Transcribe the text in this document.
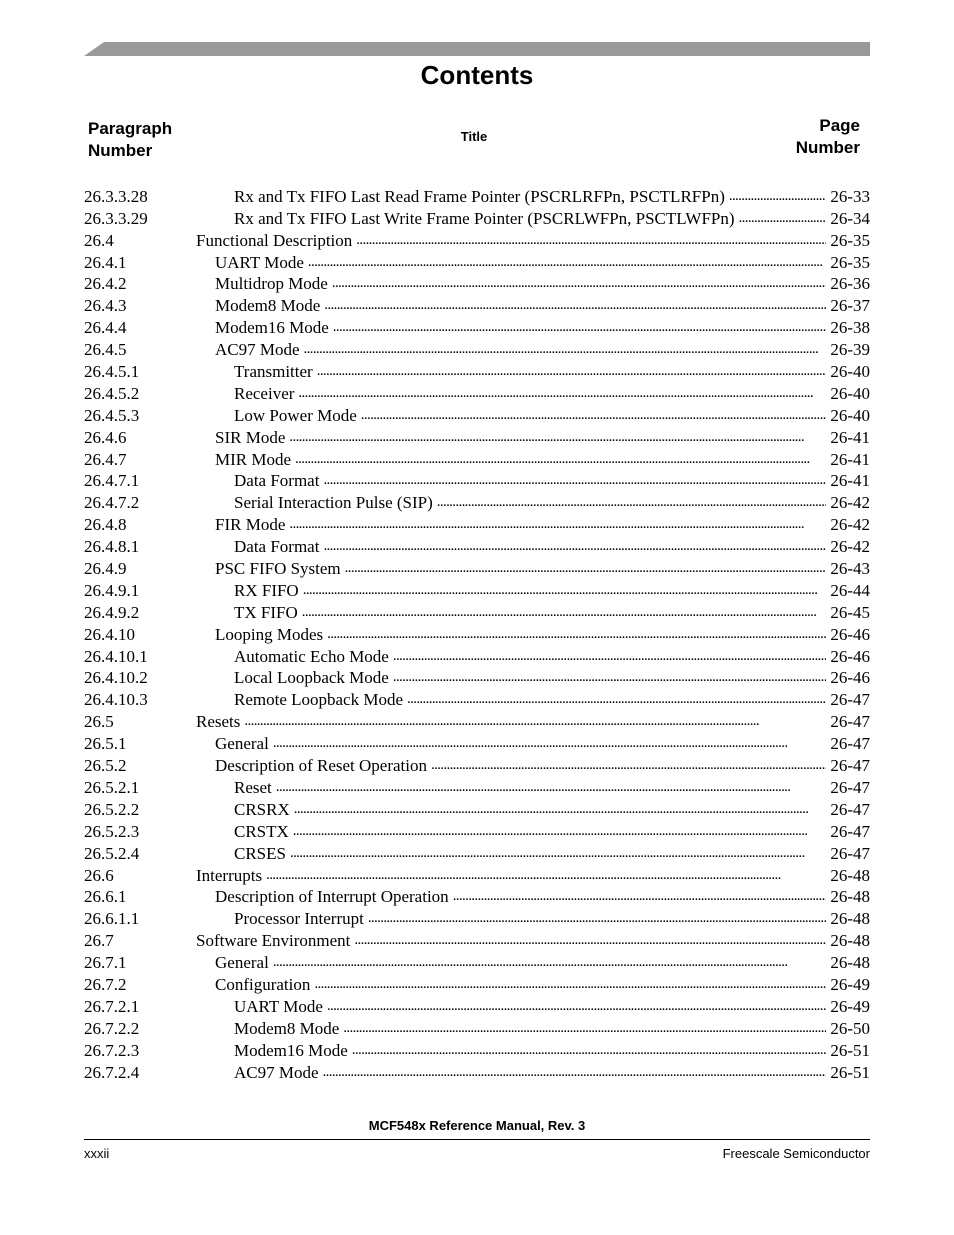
Contents
Paragraph
Number
Title
Page
Number
26.3.3.28	Rx and Tx FIFO Last Read Frame Pointer (PSCRLRFPn, PSCTLRFPn) . . .	26-33
26.3.3.29	Rx and Tx FIFO Last Write Frame Pointer (PSCRLWFPn, PSCTLWFPn) . . .	26-34
26.4	Functional Description . . .	26-35
26.4.1	UART Mode . . .	26-35
26.4.2	Multidrop Mode . . .	26-36
26.4.3	Modem8 Mode . . .	26-37
26.4.4	Modem16 Mode . . .	26-38
26.4.5	AC97 Mode . . .	26-39
26.4.5.1	Transmitter . . .	26-40
26.4.5.2	Receiver . . .	26-40
26.4.5.3	Low Power Mode . . .	26-40
26.4.6	SIR Mode . . .	26-41
26.4.7	MIR Mode . . .	26-41
26.4.7.1	Data Format . . .	26-41
26.4.7.2	Serial Interaction Pulse (SIP) . . .	26-42
26.4.8	FIR Mode . . .	26-42
26.4.8.1	Data Format . . .	26-42
26.4.9	PSC FIFO System . . .	26-43
26.4.9.1	RX FIFO . . .	26-44
26.4.9.2	TX FIFO . . .	26-45
26.4.10	Looping Modes . . .	26-46
26.4.10.1	Automatic Echo Mode . . .	26-46
26.4.10.2	Local Loopback Mode . . .	26-46
26.4.10.3	Remote Loopback Mode . . .	26-47
26.5	Resets . . .	26-47
26.5.1	General . . .	26-47
26.5.2	Description of Reset Operation . . .	26-47
26.5.2.1	Reset . . .	26-47
26.5.2.2	CRSRX . . .	26-47
26.5.2.3	CRSTX . . .	26-47
26.5.2.4	CRSES . . .	26-47
26.6	Interrupts . . .	26-48
26.6.1	Description of Interrupt Operation . . .	26-48
26.6.1.1	Processor Interrupt . . .	26-48
26.7	Software Environment . . .	26-48
26.7.1	General . . .	26-48
26.7.2	Configuration . . .	26-49
26.7.2.1	UART Mode . . .	26-49
26.7.2.2	Modem8 Mode . . .	26-50
26.7.2.3	Modem16 Mode . . .	26-51
26.7.2.4	AC97 Mode . . .	26-51
MCF548x Reference Manual, Rev. 3
xxxii	Freescale Semiconductor
